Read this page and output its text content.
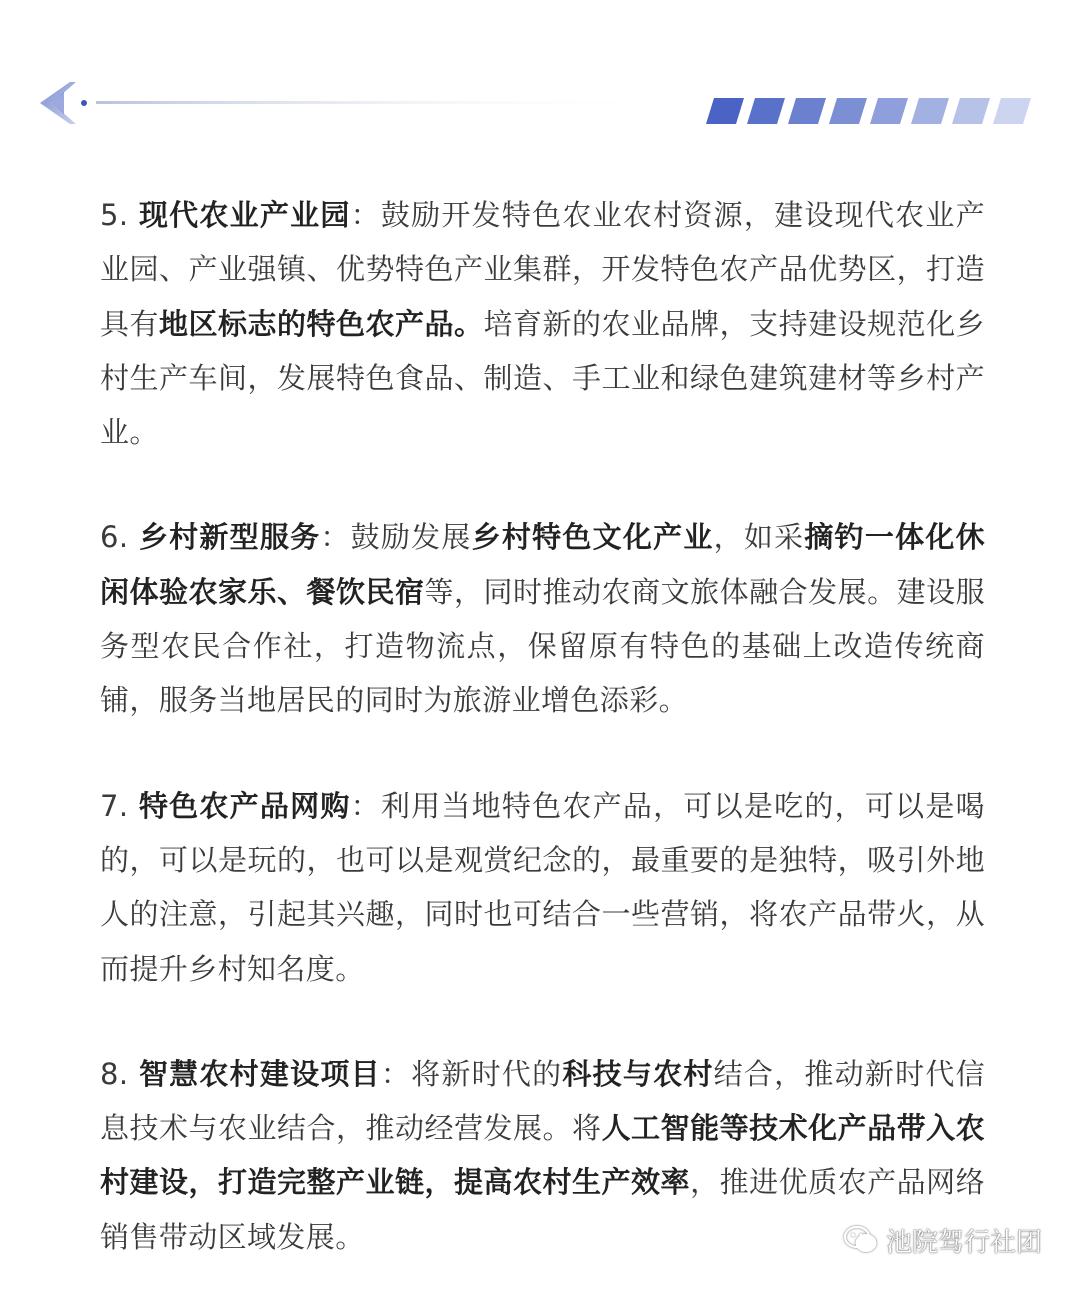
5. 现代农业产业园：鼓励开发特色农业农村资源，建设现代农业产业园、产业强镇、优势特色产业集群，开发特色农产品优势区，打造具有地区标志的特色农产品。培育新的农业品牌，支持建设规范化乡村生产车间，发展特色食品、制造、手工业和绿色建筑建材等乡村产业。

6. 乡村新型服务：鼓励发展乡村特色文化产业，如采摘钓一体化休闲体验农家乐、餐饮民宿等，同时推动农商文旅体融合发展。建设服务型农民合作社，打造物流点，保留原有特色的基础上改造传统商铺，服务当地居民的同时为旅游业增色添彩。

7. 特色农产品网购：利用当地特色农产品，可以是吃的，可以是喝的，可以是玩的，也可以是观赏纪念的，最重要的是独特，吸引外地人的注意，引起其兴趣，同时也可结合一些营销，将农产品带火，从而提升乡村知名度。

8. 智慧农村建设项目：将新时代的科技与农村结合，推动新时代信息技术与农业结合，推动经营发展。将人工智能等技术化产品带入农村建设，打造完整产业链，提高农村生产效率，推进优质农产品网络销售带动区域发展。	池院驾行社团
